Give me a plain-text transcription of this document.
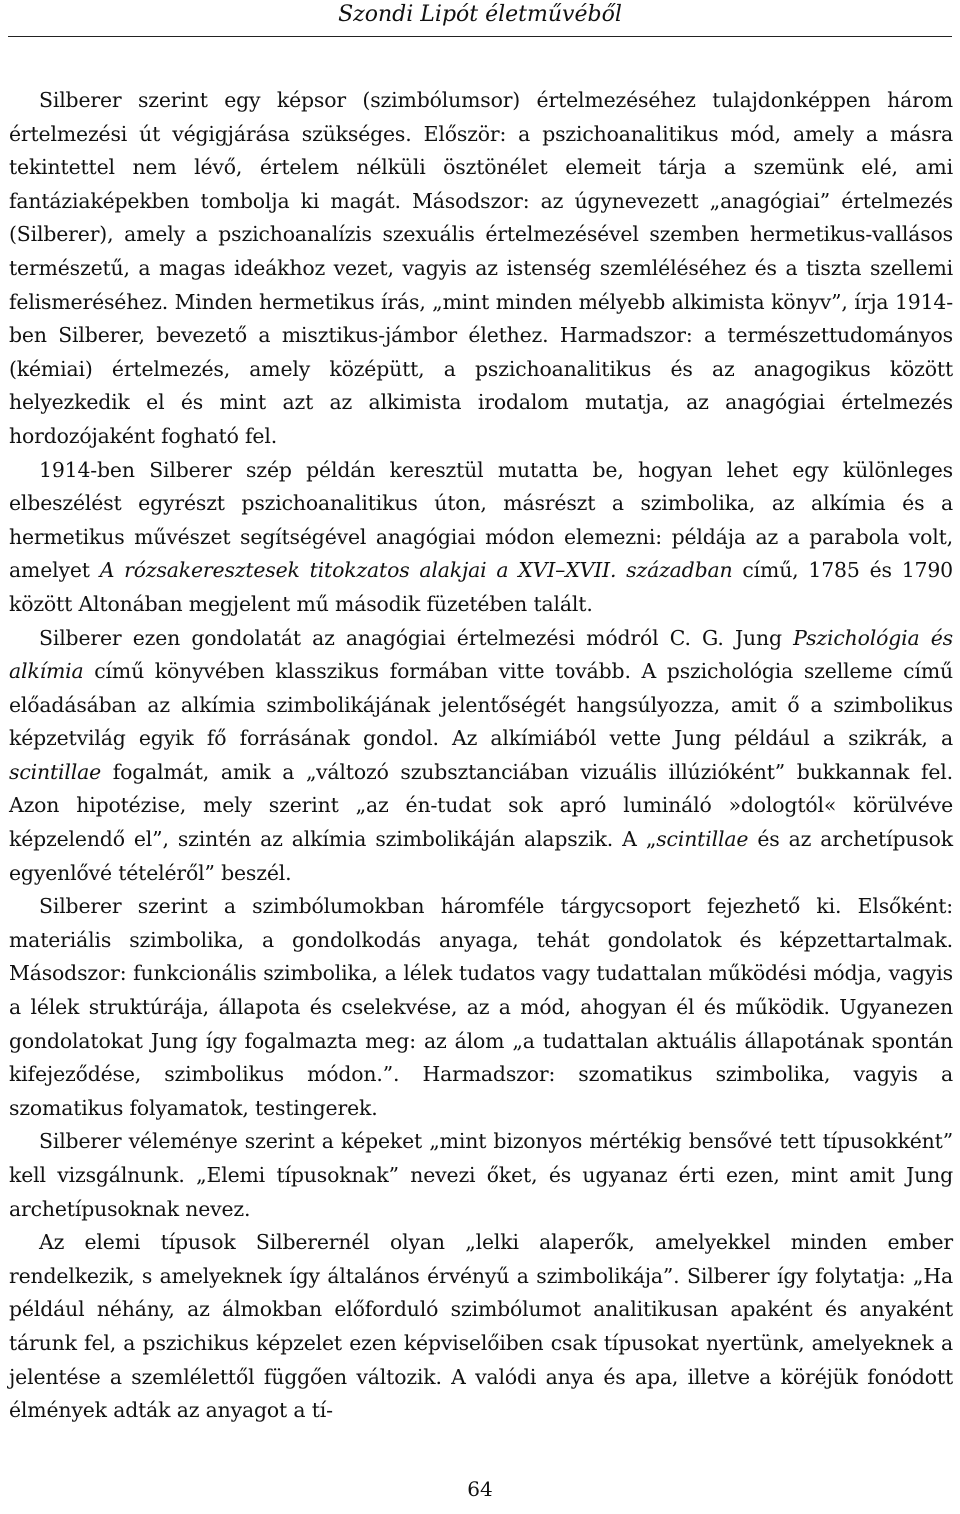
Szondi Lipót életművéből

Silberer szerint egy képsor (szimbólumsor) értelmezéséhez tulajdonképpen három értelmezési út végigjárása szükséges. Először: a pszichoanalitikus mód, amely a másra tekintettel nem lévő, értelem nélküli ösztönélet elemeit tárja a szemünk elé, ami fantáziaképekben tombolja ki magát. Másodszor: az úgynevezett „anagógiai” értelmezés (Silberer), amely a pszichoanalízis szexuális értelmezésével szemben hermetikus-vallásos természetű, a magas ideákhoz vezet, vagyis az istenség szemléléséhez és a tiszta szellemi felismeréséhez. Minden hermetikus írás, „mint minden mélyebb alkimista könyv”, írja 1914-ben Silberer, bevezető a misztikus-jámbor élethez. Harmadszor: a természettudományos (kémiai) értelmezés, amely középütt, a pszichoanalitikus és az anagogikus között helyezkedik el és mint azt az alkimista irodalom mutatja, az anagógiai értelmezés hordozójaként fogható fel.

1914-ben Silberer szép példán keresztül mutatta be, hogyan lehet egy különleges elbeszélést egyrészt pszichoanalitikus úton, másrészt a szimbolika, az alkímia és a hermetikus művészet segítségével anagógiai módon elemezni: példája az a parabola volt, amelyet A rózsakeresztesek titokzatos alakjai a XVI–XVII. században című, 1785 és 1790 között Altonában megjelent mű második füzetében talált.

Silberer ezen gondolatát az anagógiai értelmezési módról C. G. Jung Pszichológia és alkímia című könyvében klasszikus formában vitte tovább. A pszichológia szelleme című előadásában az alkímia szimbolikájának jelentőségét hangsúlyozza, amit ő a szimbolikus képzetvilág egyik fő forrásának gondol. Az alkímiából vette Jung például a szikrák, a scintillae fogalmát, amik a „változó szubsztanciában vizuális illúzióként” bukkannak fel. Azon hipotézise, mely szerint „az én-tudat sok apró lumináló »dologtól« körülvéve képzelendő el”, szintén az alkímia szimbolikáján alapszik. A „scintillae és az archetípusok egyenlővé tételéről” beszél.

Silberer szerint a szimbólumokban háromféle tárgycsoport fejezhető ki. Elsőként: materiális szimbolika, a gondolkodás anyaga, tehát gondolatok és képzettartalmak. Másodszor: funkcionális szimbolika, a lélek tudatos vagy tudattalan működési módja, vagyis a lélek struktúrája, állapota és cselekvése, az a mód, ahogyan él és működik. Ugyanezen gondolatokat Jung így fogalmazta meg: az álom „a tudattalan aktuális állapotának spontán kifejeződése, szimbolikus módon.”. Harmadszor: szomatikus szimbolika, vagyis a szomatikus folyamatok, testingerek.

Silberer véleménye szerint a képeket „mint bizonyos mértékig bensővé tett típusokként” kell vizsgálnunk. „Elemi típusoknak” nevezi őket, és ugyanaz érti ezen, mint amit Jung archetípusoknak nevez.

Az elemi típusok Silberernél olyan „lelki alaperők, amelyekkel minden ember rendelkezik, s amelyeknek így általános érvényű a szimbolikája”. Silberer így folytatja: „Ha például néhány, az álmokban előforduló szimbólumot analitikusan apaként és anyaként tárunk fel, a pszichikus képzelet ezen képviselőiben csak típusokat nyertünk, amelyeknek a jelentése a szemlélettől függően változik. A valódi anya és apa, illetve a köréjük fonódott élmények adták az anyagot a tí-

64
